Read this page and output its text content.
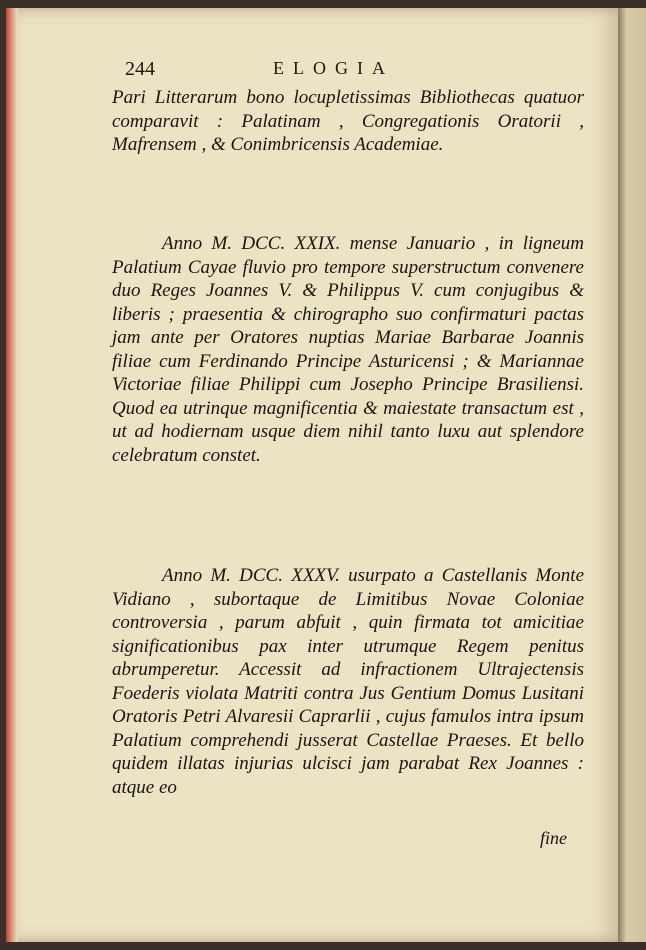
244	ELOGIA

Pari Litterarum bono locupletissimas Bibliothecas quatuor comparavit : Palatinam , Congregationis Oratorii , Mafrensem , & Conimbricensis Academiae.

Anno M. DCC. XXIX. mense Januario , in ligneum Palatium Cayae fluvio pro tempore superstructum convenere duo Reges Joannes V. & Philippus V. cum conjugibus & liberis ; praesentia & chirographo suo confirmaturi pactas jam ante per Oratores nuptias Mariae Barbarae Joannis filiae cum Ferdinando Principe Asturicensi ; & Mariannae Victoriae filiae Philippi cum Josepho Principe Brasiliensi. Quod ea utrinque magnificentia & maiestate transactum est , ut ad hodiernam usque diem nihil tanto luxu aut splendore celebratum constet.

Anno M. DCC. XXXV. usurpato a Castellanis Monte Vidiano , subortaque de Limitibus Novae Coloniae controversia , parum abfuit , quin firmata tot amicitiae significationibus pax inter utrumque Regem penitus abrumperetur. Accessit ad infractionem Ultrajectensis Foederis violata Matriti contra Jus Gentium Domus Lusitani Oratoris Petri Alvaresii Caprarlii , cujus famulos intra ipsum Palatium comprehendi jusserat Castellae Praeses. Et bello quidem illatas injurias ulcisci jam parabat Rex Joannes : atque eo

fine
